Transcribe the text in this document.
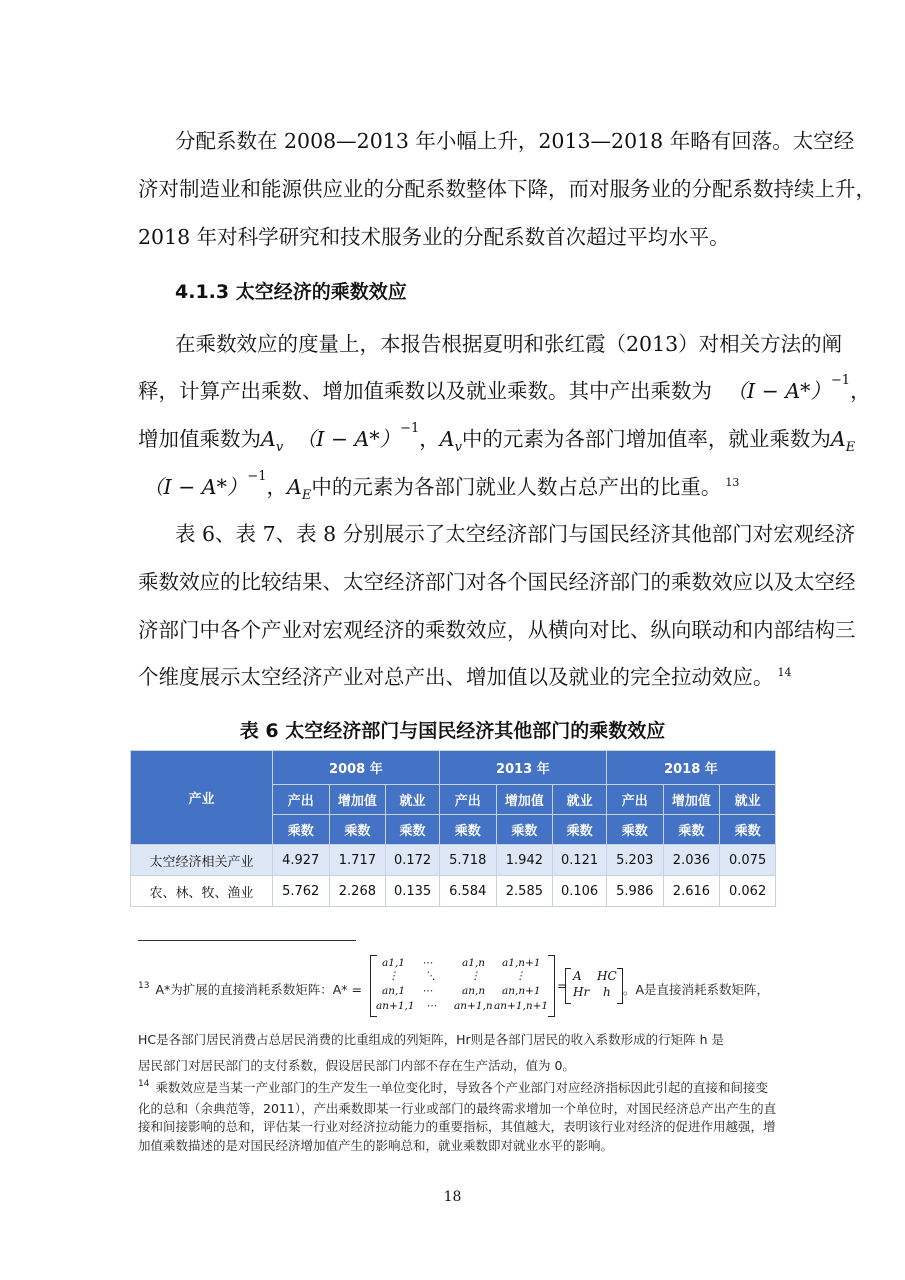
分配系数在 2008—2013 年小幅上升，2013—2018 年略有回落。太空经
济对制造业和能源供应业的分配系数整体下降，而对服务业的分配系数持续上升，
2018 年对科学研究和技术服务业的分配系数首次超过平均水平。
4.1.3 太空经济的乘数效应
在乘数效应的度量上，本报告根据夏明和张红霞（2013）对相关方法的阐
释，计算产出乘数、增加值乘数以及就业乘数。其中产出乘数为 $(I - A*)^{-1}$，
增加值乘数为$A_v$ $(I - A*)^{-1}$，$A_v$中的元素为各部门增加值率，就业乘数为$A_E$
$(I - A*)^{-1}$，$A_E$中的元素为各部门就业人数占总产出的比重。 $^{13}$
表 6、表 7、表 8 分别展示了太空经济部门与国民经济其他部门对宏观经济
乘数效应的比较结果、太空经济部门对各个国民经济部门的乘数效应以及太空经
济部门中各个产业对宏观经济的乘数效应，从横向对比、纵向联动和内部结构三
个维度展示太空经济产业对总产出、增加值以及就业的完全拉动效应。 $^{14}$
表 6 太空经济部门与国民经济其他部门的乘数效应
产业	2008 年			2013 年			2018 年		
	产出	增加值	就业	产出	增加值	就业	产出	增加值	就业
	乘数	乘数	乘数	乘数	乘数	乘数	乘数	乘数	乘数
太空经济相关产业	4.927	1.717	0.172	5.718	1.942	0.121	5.203	2.036	0.075
农、林、牧、渔业	5.762	2.268	0.135	6.584	2.585	0.106	5.986	2.616	0.062
$^{13}$ A*为扩展的直接消耗系数矩阵：A* =
a1,1 ⋯	a1,n a1,n+1
⋮	⋱	⋮	⋮
an,1 ⋯	an,n an,n+1
an+1,1 ⋯ an+1,n an+1,n+1
=
A HC
Hr h 。A是直接消耗系数矩阵，
HC是各部门居民消费占总居民消费的比重组成的列矩阵，Hr则是各部门居民的收入系数形成的行矩阵 h 是
居民部门对居民部门的支付系数，假设居民部门内部不存在生产活动，值为 0。
$^{14}$ 乘数效应是当某一产业部门的生产发生一单位变化时，导致各个产业部门对应经济指标因此引起的直接和间接变化的总和（余典范等，2011），产出乘数即某一行业或部门的最终需求增加一个单位时，对国民经济总产出产生的直接和间接影响的总和，评估某一行业对经济拉动能力的重要指标，其值越大，表明该行业对经济的促进作用越强，增加值乘数描述的是对国民经济增加值产生的影响总和，就业乘数即对就业水平的影响。
18
